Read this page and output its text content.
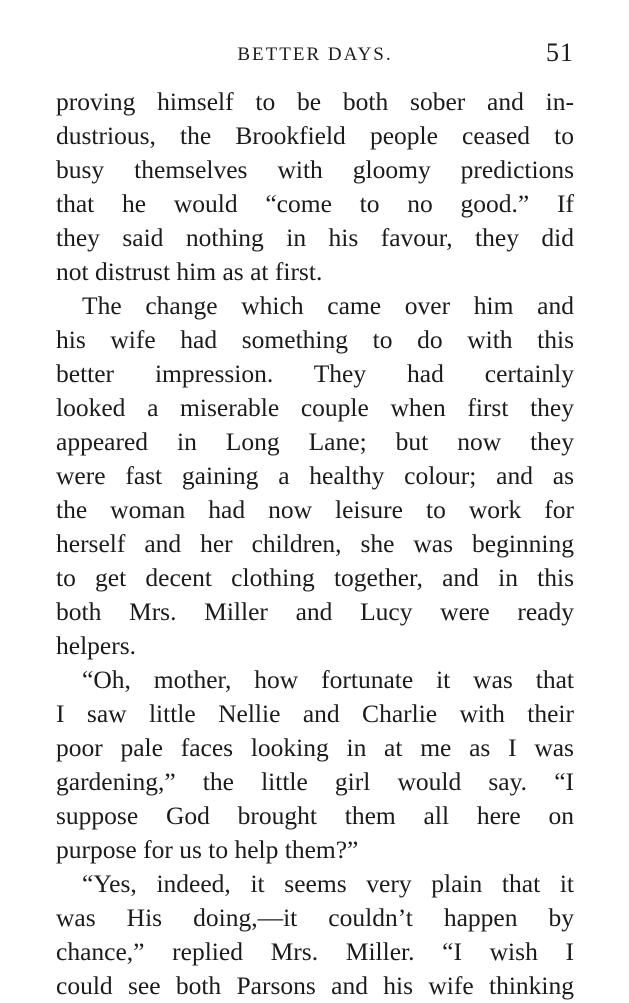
BETTER DAYS.	51
proving himself to be both sober and in-
dustrious, the Brookfield people ceased to
busy themselves with gloomy predictions
that he would “come to no good.” If
they said nothing in his favour, they did
not distrust him as at first.
The change which came over him and
his wife had something to do with this
better impression. They had certainly
looked a miserable couple when first they
appeared in Long Lane; but now they
were fast gaining a healthy colour; and as
the woman had now leisure to work for
herself and her children, she was beginning
to get decent clothing together, and in this
both Mrs. Miller and Lucy were ready
helpers.
“Oh, mother, how fortunate it was that
I saw little Nellie and Charlie with their
poor pale faces looking in at me as I was
gardening,” the little girl would say. “I
suppose God brought them all here on
purpose for us to help them?”
“Yes, indeed, it seems very plain that it
was His doing,—it couldn’t happen by
chance,” replied Mrs. Miller. “I wish I
could see both Parsons and his wife thinking
